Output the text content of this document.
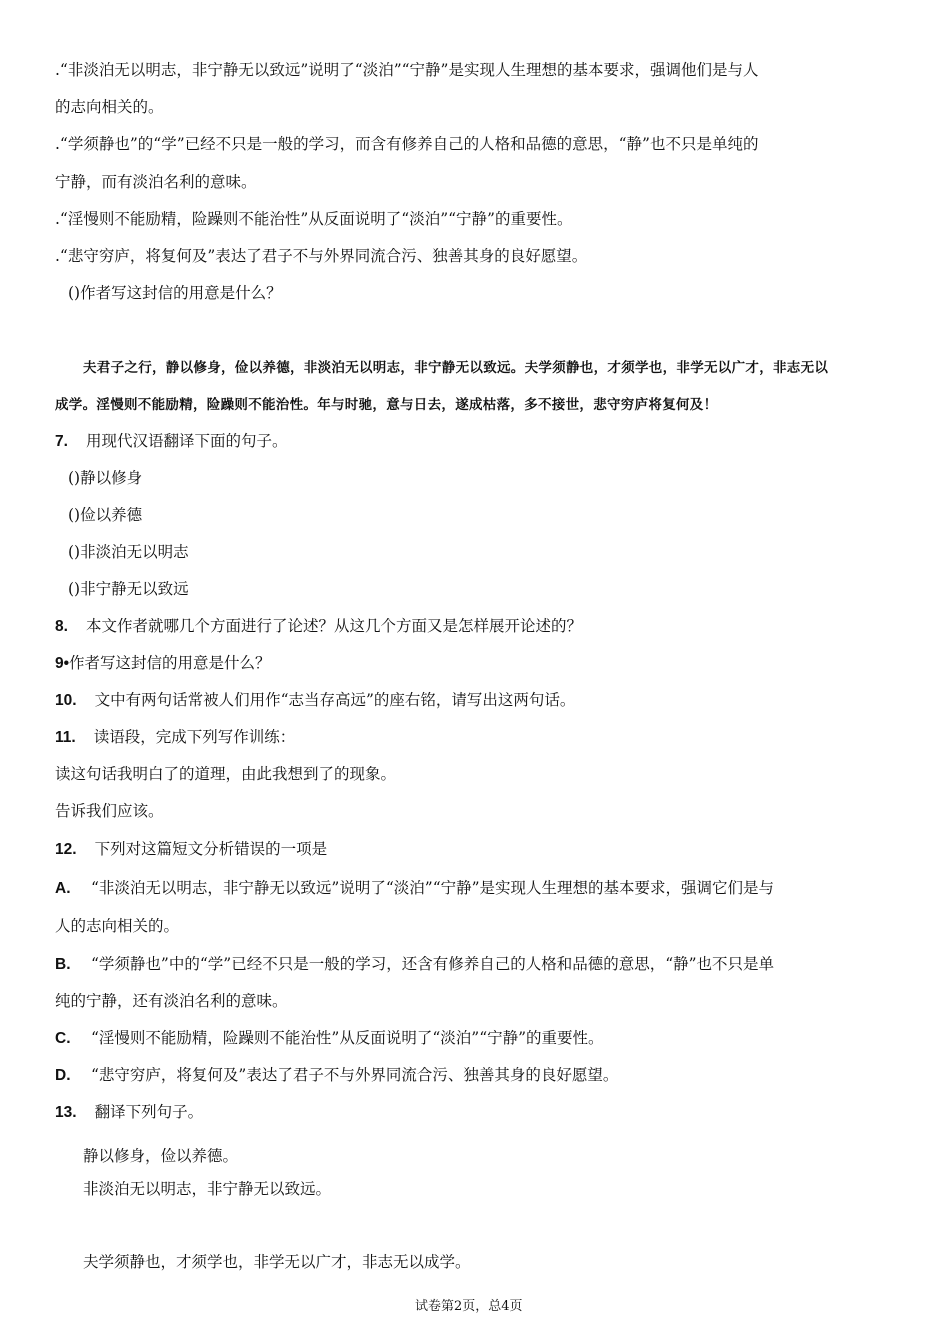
.“非淡泊无以明志，非宁静无以致远”说明了“淡泊”“宁静”是实现人生理想的基本要求，强调他们是与人
的志向相关的。
.“学须静也”的“学”已经不只是一般的学习，而含有修养自己的人格和品德的意思，“静”也不只是单纯的
宁静，而有淡泊名利的意味。
.“淫慢则不能励精，险躁则不能治性”从反面说明了“淡泊”“宁静”的重要性。
.“悲守穷庐，将复何及”表达了君子不与外界同流合污、独善其身的良好愿望。
()作者写这封信的用意是什么？
夫君子之行，静以修身，俭以养德，非淡泊无以明志，非宁静无以致远。夫学须静也，才须学也，非学无以广才，非志无以
成学。淫慢则不能励精，险躁则不能治性。年与时驰，意与日去，遂成枯落，多不接世，悲守穷庐将复何及！
7. 用现代汉语翻译下面的句子。
()静以修身
()俭以养德
()非淡泊无以明志
()非宁静无以致远
8. 本文作者就哪几个方面进行了论述？从这几个方面又是怎样展开论述的？
9•作者写这封信的用意是什么？
10. 文中有两句话常被人们用作“志当存高远”的座右铭，请写出这两句话。
11. 读语段，完成下列写作训练：
读这句话我明白了的道理，由此我想到了的现象。
告诉我们应该。
12. 下列对这篇短文分析错误的一项是
A. “非淡泊无以明志，非宁静无以致远”说明了“淡泊”“宁静”是实现人生理想的基本要求，强调它们是与
人的志向相关的。
B. “学须静也”中的“学”已经不只是一般的学习，还含有修养自己的人格和品德的意思，“静”也不只是单
纯的宁静，还有淡泊名利的意味。
C. “淫慢则不能励精，险躁则不能治性”从反面说明了“淡泊”“宁静”的重要性。
D. “悲守穷庐，将复何及”表达了君子不与外界同流合污、独善其身的良好愿望。
13. 翻译下列句子。
静以修身，俭以养德。
非淡泊无以明志，非宁静无以致远。
夫学须静也，才须学也，非学无以广才，非志无以成学。
试卷第2页，总4页
